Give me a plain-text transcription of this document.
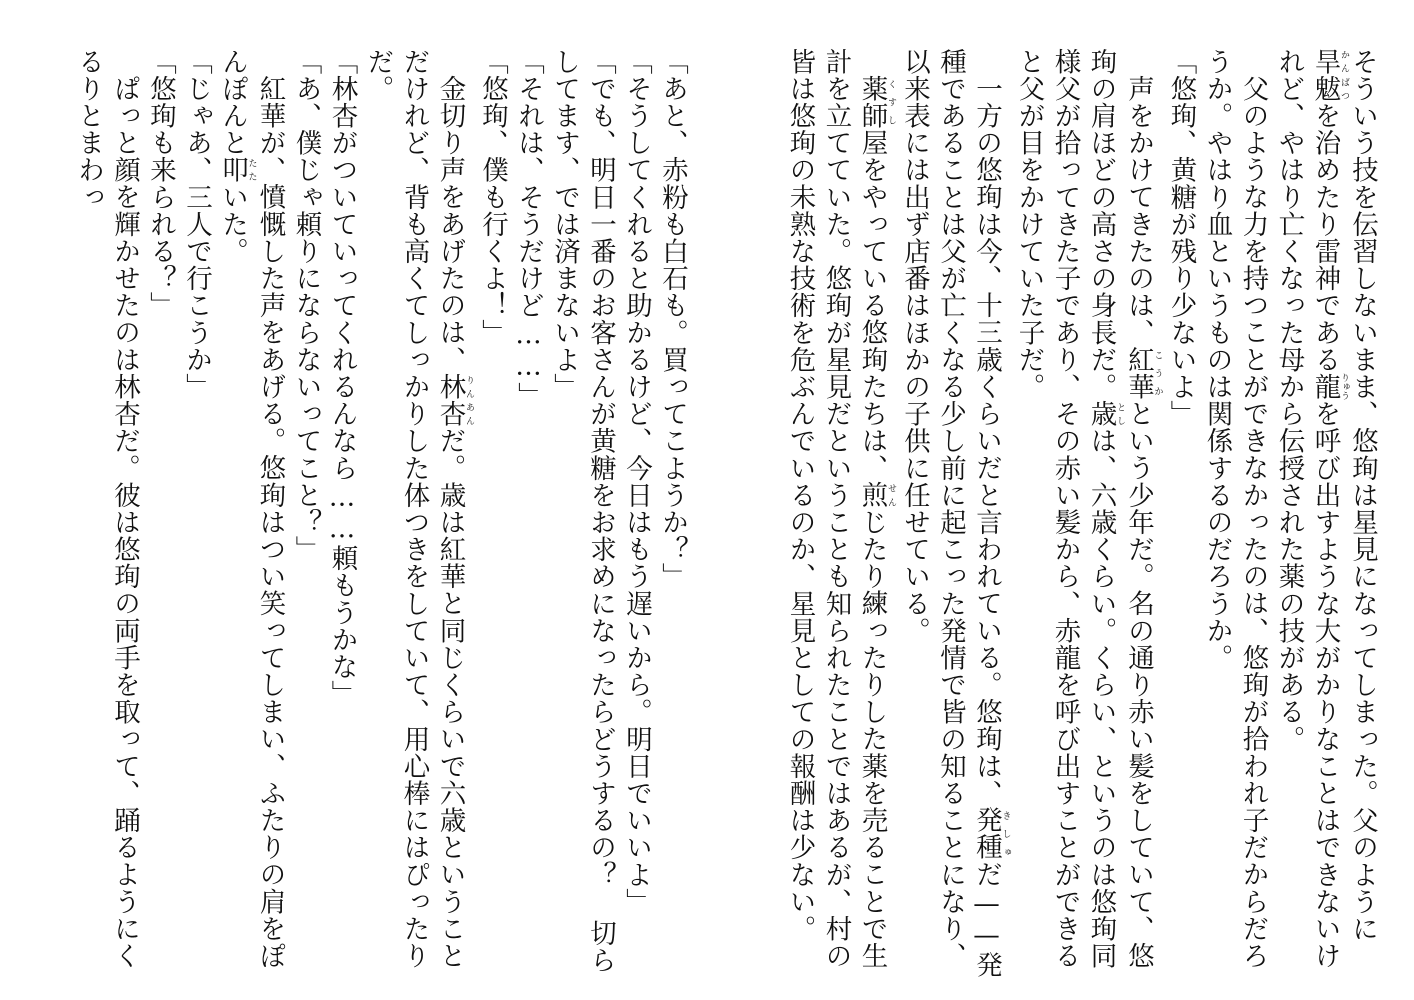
そういう技を伝習しないまま、悠珣は星見になってしまった。父のように旱魃かんばつを治めたり雷神である龍りゅうを呼び出すような大がかりなことはできないけれど、やはり亡くなった母から伝授された薬の技がある。
父のような力を持つことができなかったのは、悠珣が拾われ子だからだろうか。やはり血というものは関係するのだろうか。
「悠珣、黄糖が残り少ないよ」
声をかけてきたのは、紅華こうかという少年だ。名の通り赤い髪をしていて、悠珣の肩ほどの高さの身長だ。歳としは、六歳くらい。くらい、というのは悠珣同様父が拾ってきた子であり、その赤い髪から、赤龍を呼び出すことができると父が目をかけていた子だ。
一方の悠珣は今、十三歳くらいだと言われている。悠珣は、発種きしゅだ——発種であることは父が亡くなる少し前に起こった発情で皆の知ることになり、以来表には出ず店番はほかの子供に任せている。
薬師くすし屋をやっている悠珣たちは、煎せんじたり練ったりした薬を売ることで生計を立てていた。悠珣が星見だということも知られたことではあるが、村の皆は悠珣の未熟な技術を危ぶんでいるのか、星見としての報酬は少ない。
「あと、赤粉も白石も。買ってこようか？」
「そうしてくれると助かるけど、今日はもう遅いから。明日でいいよ」
「でも、明日一番のお客さんが黄糖をお求めになったらどうするの？ 切らしてます、では済まないよ」
「それは、そうだけど……」
「悠珣、僕も行くよ！」
金切り声をあげたのは、林杏りんあんだ。歳は紅華と同じくらいで六歳ということだけれど、背も高くてしっかりした体つきをしていて、用心棒にはぴったりだ。
「林杏がついていってくれるんなら……頼もうかな」
「あ、僕じゃ頼りにならないってこと？」
紅華が、憤慨した声をあげる。悠珣はつい笑ってしまい、ふたりの肩をぽんぽんと叩たたいた。
「じゃあ、三人で行こうか」
「悠珣も来られる？」
ぱっと顔を輝かせたのは林杏だ。彼は悠珣の両手を取って、踊るようにくるりとまわっ
